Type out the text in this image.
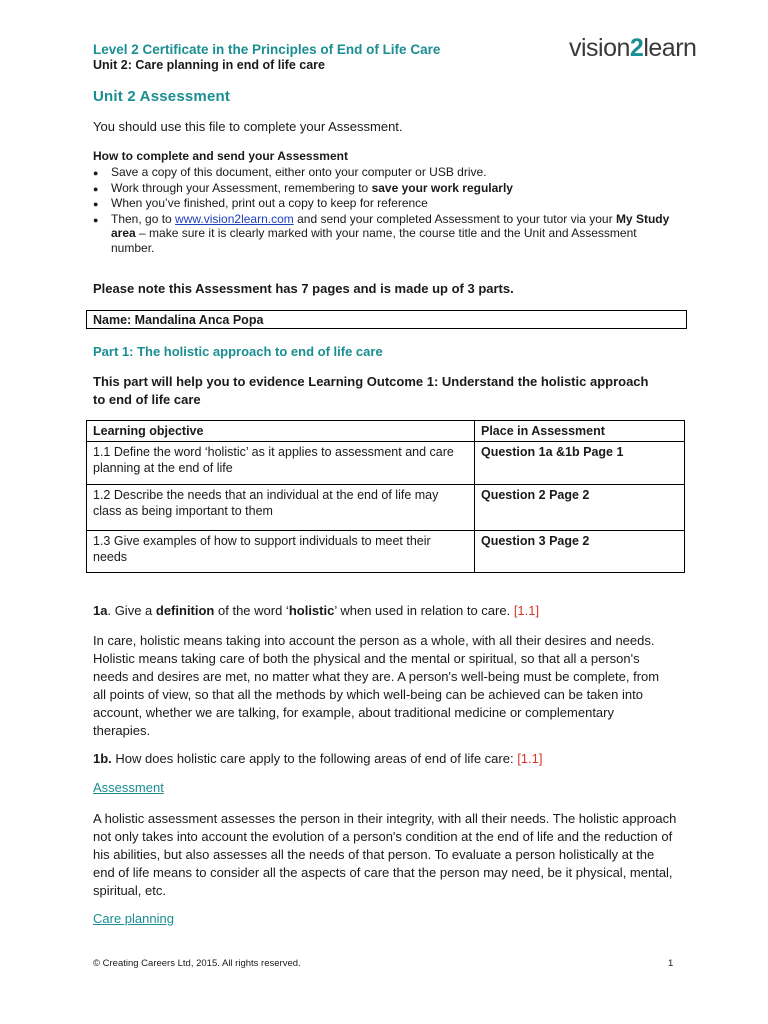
Level 2 Certificate in the Principles of End of Life Care
Unit 2: Care planning in end of life care
vision2learn
Unit 2 Assessment
You should use this file to complete your Assessment.
How to complete and send your Assessment
●	Save a copy of this document, either onto your computer or USB drive.
●	Work through your Assessment, remembering to save your work regularly
●	When you’ve finished, print out a copy to keep for reference
●	Then, go to www.vision2learn.com and send your completed Assessment to your tutor via your My Study area – make sure it is clearly marked with your name, the course title and the Unit and Assessment number.
Please note this Assessment has 7 pages and is made up of 3 parts.
Name: Mandalina Anca Popa
Part 1: The holistic approach to end of life care
This part will help you to evidence Learning Outcome 1: Understand the holistic approach to end of life care
Learning objective	Place in Assessment
1.1 Define the word ‘holistic’ as it applies to assessment and care planning at the end of life	Question 1a &1b Page 1
1.2 Describe the needs that an individual at the end of life may class as being important to them	Question 2 Page 2
1.3 Give examples of how to support individuals to meet their needs	Question 3 Page 2
1a. Give a definition of the word ‘holistic’ when used in relation to care. [1.1]
In care, holistic means taking into account the person as a whole, with all their desires and needs. Holistic means taking care of both the physical and the mental or spiritual, so that all a person's needs and desires are met, no matter what they are. A person's well-being must be complete, from all points of view, so that all the methods by which well-being can be achieved can be taken into account, whether we are talking, for example, about traditional medicine or complementary therapies.
1b. How does holistic care apply to the following areas of end of life care: [1.1]
Assessment
A holistic assessment assesses the person in their integrity, with all their needs. The holistic approach not only takes into account the evolution of a person's condition at the end of life and the reduction of his abilities, but also assesses all the needs of that person. To evaluate a person holistically at the end of life means to consider all the aspects of care that the person may need, be it physical, mental, spiritual, etc.
Care planning
© Creating Careers Ltd, 2015. All rights reserved.	1
